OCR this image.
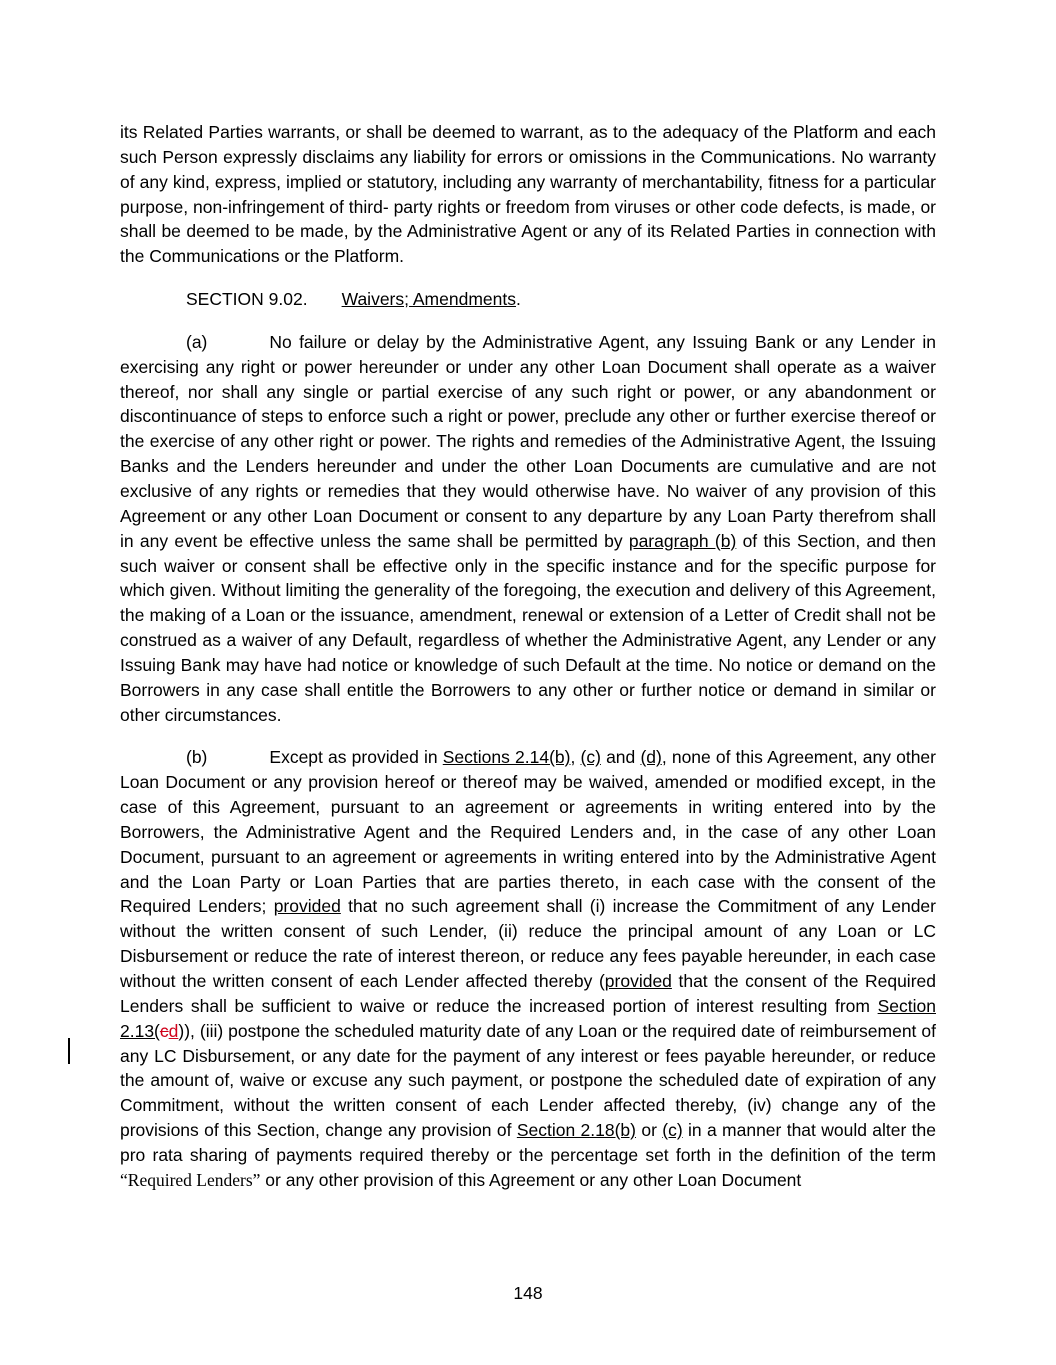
its Related Parties warrants, or shall be deemed to warrant, as to the adequacy of the Platform and each such Person expressly disclaims any liability for errors or omissions in the Communications. No warranty of any kind, express, implied or statutory, including any warranty of merchantability, fitness for a particular purpose, non-infringement of third- party rights or freedom from viruses or other code defects, is made, or shall be deemed to be made, by the Administrative Agent or any of its Related Parties in connection with the Communications or the Platform.

SECTION 9.02. Waivers; Amendments.

(a)	No failure or delay by the Administrative Agent, any Issuing Bank or any Lender in exercising any right or power hereunder or under any other Loan Document shall operate as a waiver thereof, nor shall any single or partial exercise of any such right or power, or any abandonment or discontinuance of steps to enforce such a right or power, preclude any other or further exercise thereof or the exercise of any other right or power. The rights and remedies of the Administrative Agent, the Issuing Banks and the Lenders hereunder and under the other Loan Documents are cumulative and are not exclusive of any rights or remedies that they would otherwise have. No waiver of any provision of this Agreement or any other Loan Document or consent to any departure by any Loan Party therefrom shall in any event be effective unless the same shall be permitted by paragraph (b) of this Section, and then such waiver or consent shall be effective only in the specific instance and for the specific purpose for which given. Without limiting the generality of the foregoing, the execution and delivery of this Agreement, the making of a Loan or the issuance, amendment, renewal or extension of a Letter of Credit shall not be construed as a waiver of any Default, regardless of whether the Administrative Agent, any Lender or any Issuing Bank may have had notice or knowledge of such Default at the time. No notice or demand on the Borrowers in any case shall entitle the Borrowers to any other or further notice or demand in similar or other circumstances.

(b)	Except as provided in Sections 2.14(b), (c) and (d), none of this Agreement, any other Loan Document or any provision hereof or thereof may be waived, amended or modified except, in the case of this Agreement, pursuant to an agreement or agreements in writing entered into by the Borrowers, the Administrative Agent and the Required Lenders and, in the case of any other Loan Document, pursuant to an agreement or agreements in writing entered into by the Administrative Agent and the Loan Party or Loan Parties that are parties thereto, in each case with the consent of the Required Lenders; provided that no such agreement shall (i) increase the Commitment of any Lender without the written consent of such Lender, (ii) reduce the principal amount of any Loan or LC Disbursement or reduce the rate of interest thereon, or reduce any fees payable hereunder, in each case without the written consent of each Lender affected thereby (provided that the consent of the Required Lenders shall be sufficient to waive or reduce the increased portion of interest resulting from Section 2.13(cd)), (iii) postpone the scheduled maturity date of any Loan or the required date of reimbursement of any LC Disbursement, or any date for the payment of any interest or fees payable hereunder, or reduce the amount of, waive or excuse any such payment, or postpone the scheduled date of expiration of any Commitment, without the written consent of each Lender affected thereby, (iv) change any of the provisions of this Section, change any provision of Section 2.18(b) or (c) in a manner that would alter the pro rata sharing of payments required thereby or the percentage set forth in the definition of the term “Required Lenders” or any other provision of this Agreement or any other Loan Document

148
